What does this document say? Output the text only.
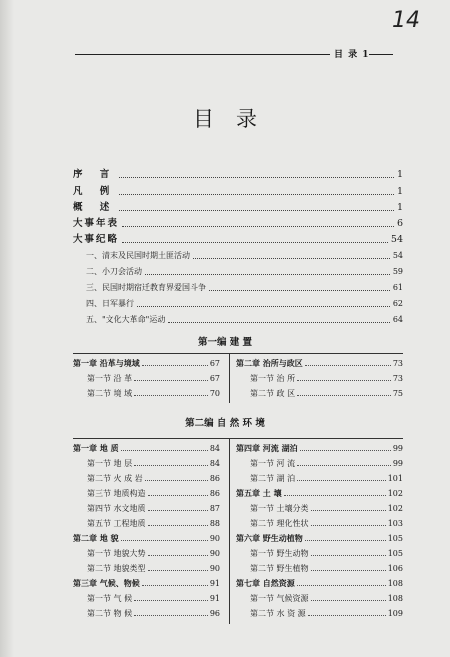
14
目 录 1
目录
序 言	1
凡 例	1
概 述	1
大事年表	6
大事纪略	54
一、清末及民国时期土匪活动	54
二、小刀会活动	59
三、民国时期宿迁教育界爱国斗争	61
四、日军暴行	62
五、"文化大革命"运动	64
第一编 建 置
第一章 沿革与境域	67
第一节 沿 革	67
第二节 境 域	70
第二章 治所与政区	73
第一节 治 所	73
第二节 政 区	75
第二编 自 然 环 境
第一章 地 质	84
第一节 地 层	84
第二节 火 成 岩	86
第三节 地质构造	86
第四节 水文地质	87
第五节 工程地质	88
第二章 地 貌	90
第一节 地貌大势	90
第二节 地貌类型	90
第三章 气候、物候	91
第一节 气 候	91
第二节 物 候	96
第四章 河流 湖泊	99
第一节 河 流	99
第二节 湖 泊	101
第五章 土 壤	102
第一节 土壤分类	102
第二节 理化性状	103
第六章 野生动植物	105
第一节 野生动物	105
第二节 野生植物	106
第七章 自然资源	108
第一节 气候资源	108
第二节 水 资 源	109
